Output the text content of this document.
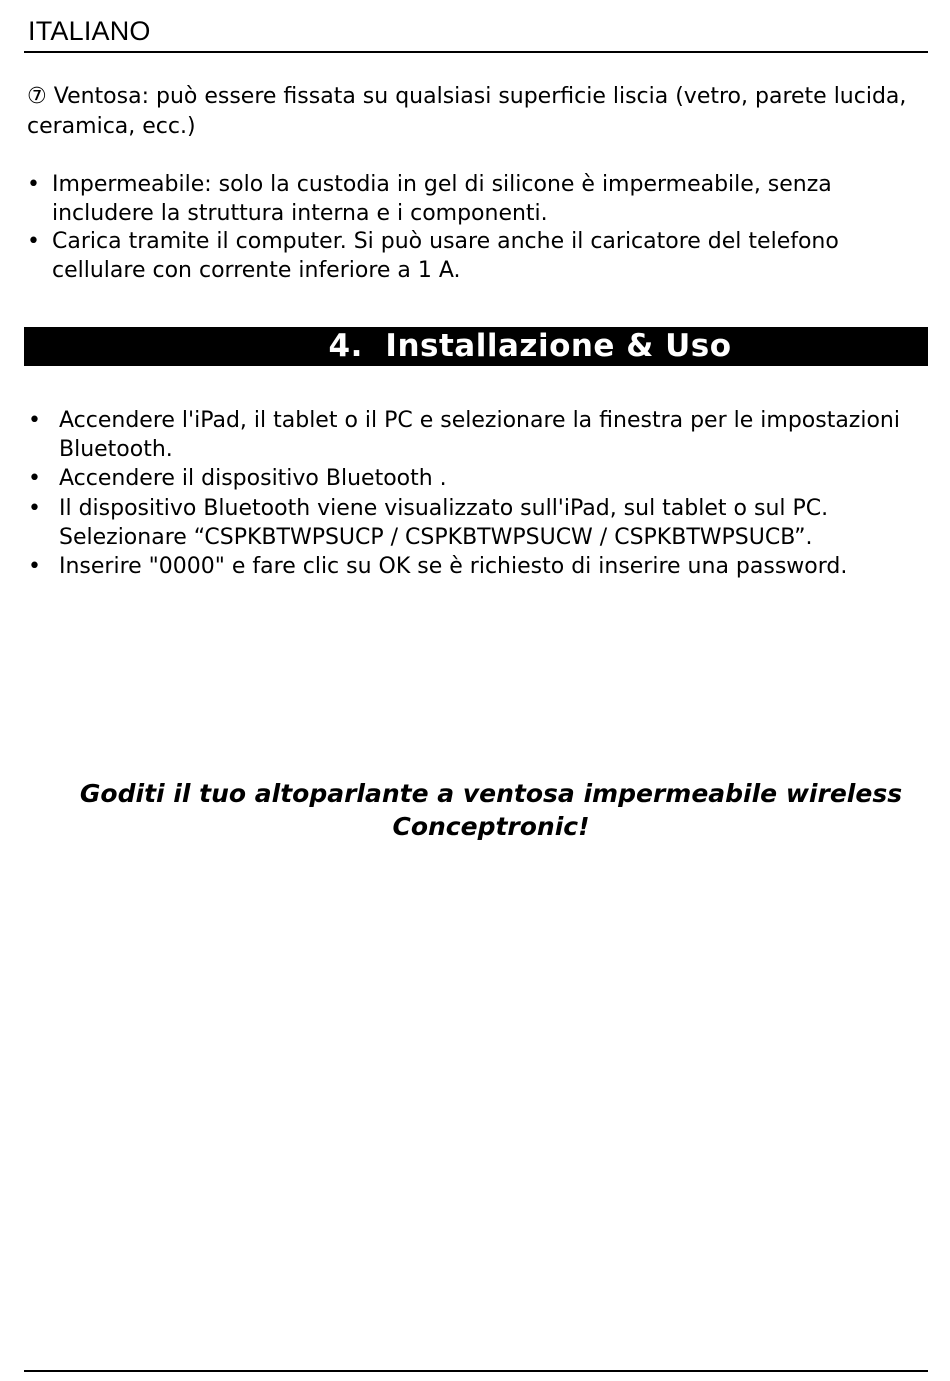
ITALIANO
⑦ Ventosa: può essere fissata su qualsiasi superficie liscia (vetro, parete lucida, ceramica, ecc.)
• Impermeabile: solo la custodia in gel di silicone è impermeabile, senza includere la struttura interna e i componenti.
• Carica tramite il computer. Si può usare anche il caricatore del telefono cellulare con corrente inferiore a 1 A.
4.  Installazione & Uso
• Accendere l'iPad, il tablet o il PC e selezionare la finestra per le impostazioni Bluetooth.
• Accendere il dispositivo Bluetooth .
• Il dispositivo Bluetooth viene visualizzato sull'iPad, sul tablet o sul PC. Selezionare “CSPKBTWPSUCP / CSPKBTWPSUCW / CSPKBTWPSUCB”.
• Inserire "0000" e fare clic su OK se è richiesto di inserire una password.
Goditi il tuo altoparlante a ventosa impermeabile wireless
Conceptronic!
